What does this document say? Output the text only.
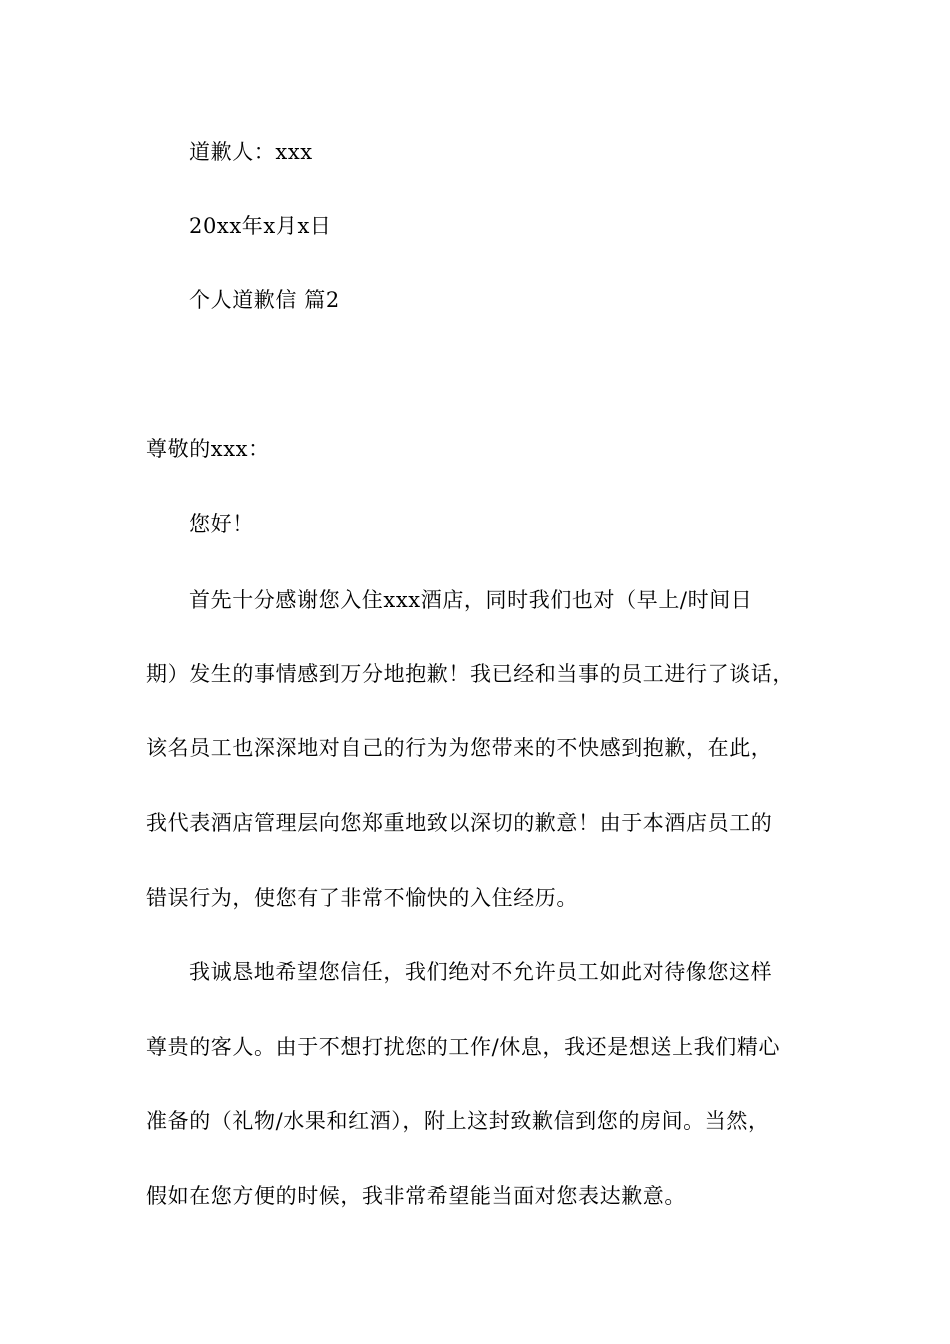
道歉人：xxx
20xx年x月x日
个人道歉信 篇2
尊敬的xxx：
您好！
首先十分感谢您入住xxx酒店，同时我们也对（早上/时间日
期）发生的事情感到万分地抱歉！我已经和当事的员工进行了谈话，
该名员工也深深地对自己的行为为您带来的不快感到抱歉，在此，
我代表酒店管理层向您郑重地致以深切的歉意！由于本酒店员工的
错误行为，使您有了非常不愉快的入住经历。
我诚恳地希望您信任，我们绝对不允许员工如此对待像您这样
尊贵的客人。由于不想打扰您的工作/休息，我还是想送上我们精心
准备的（礼物/水果和红酒），附上这封致歉信到您的房间。当然，
假如在您方便的时候，我非常希望能当面对您表达歉意。
